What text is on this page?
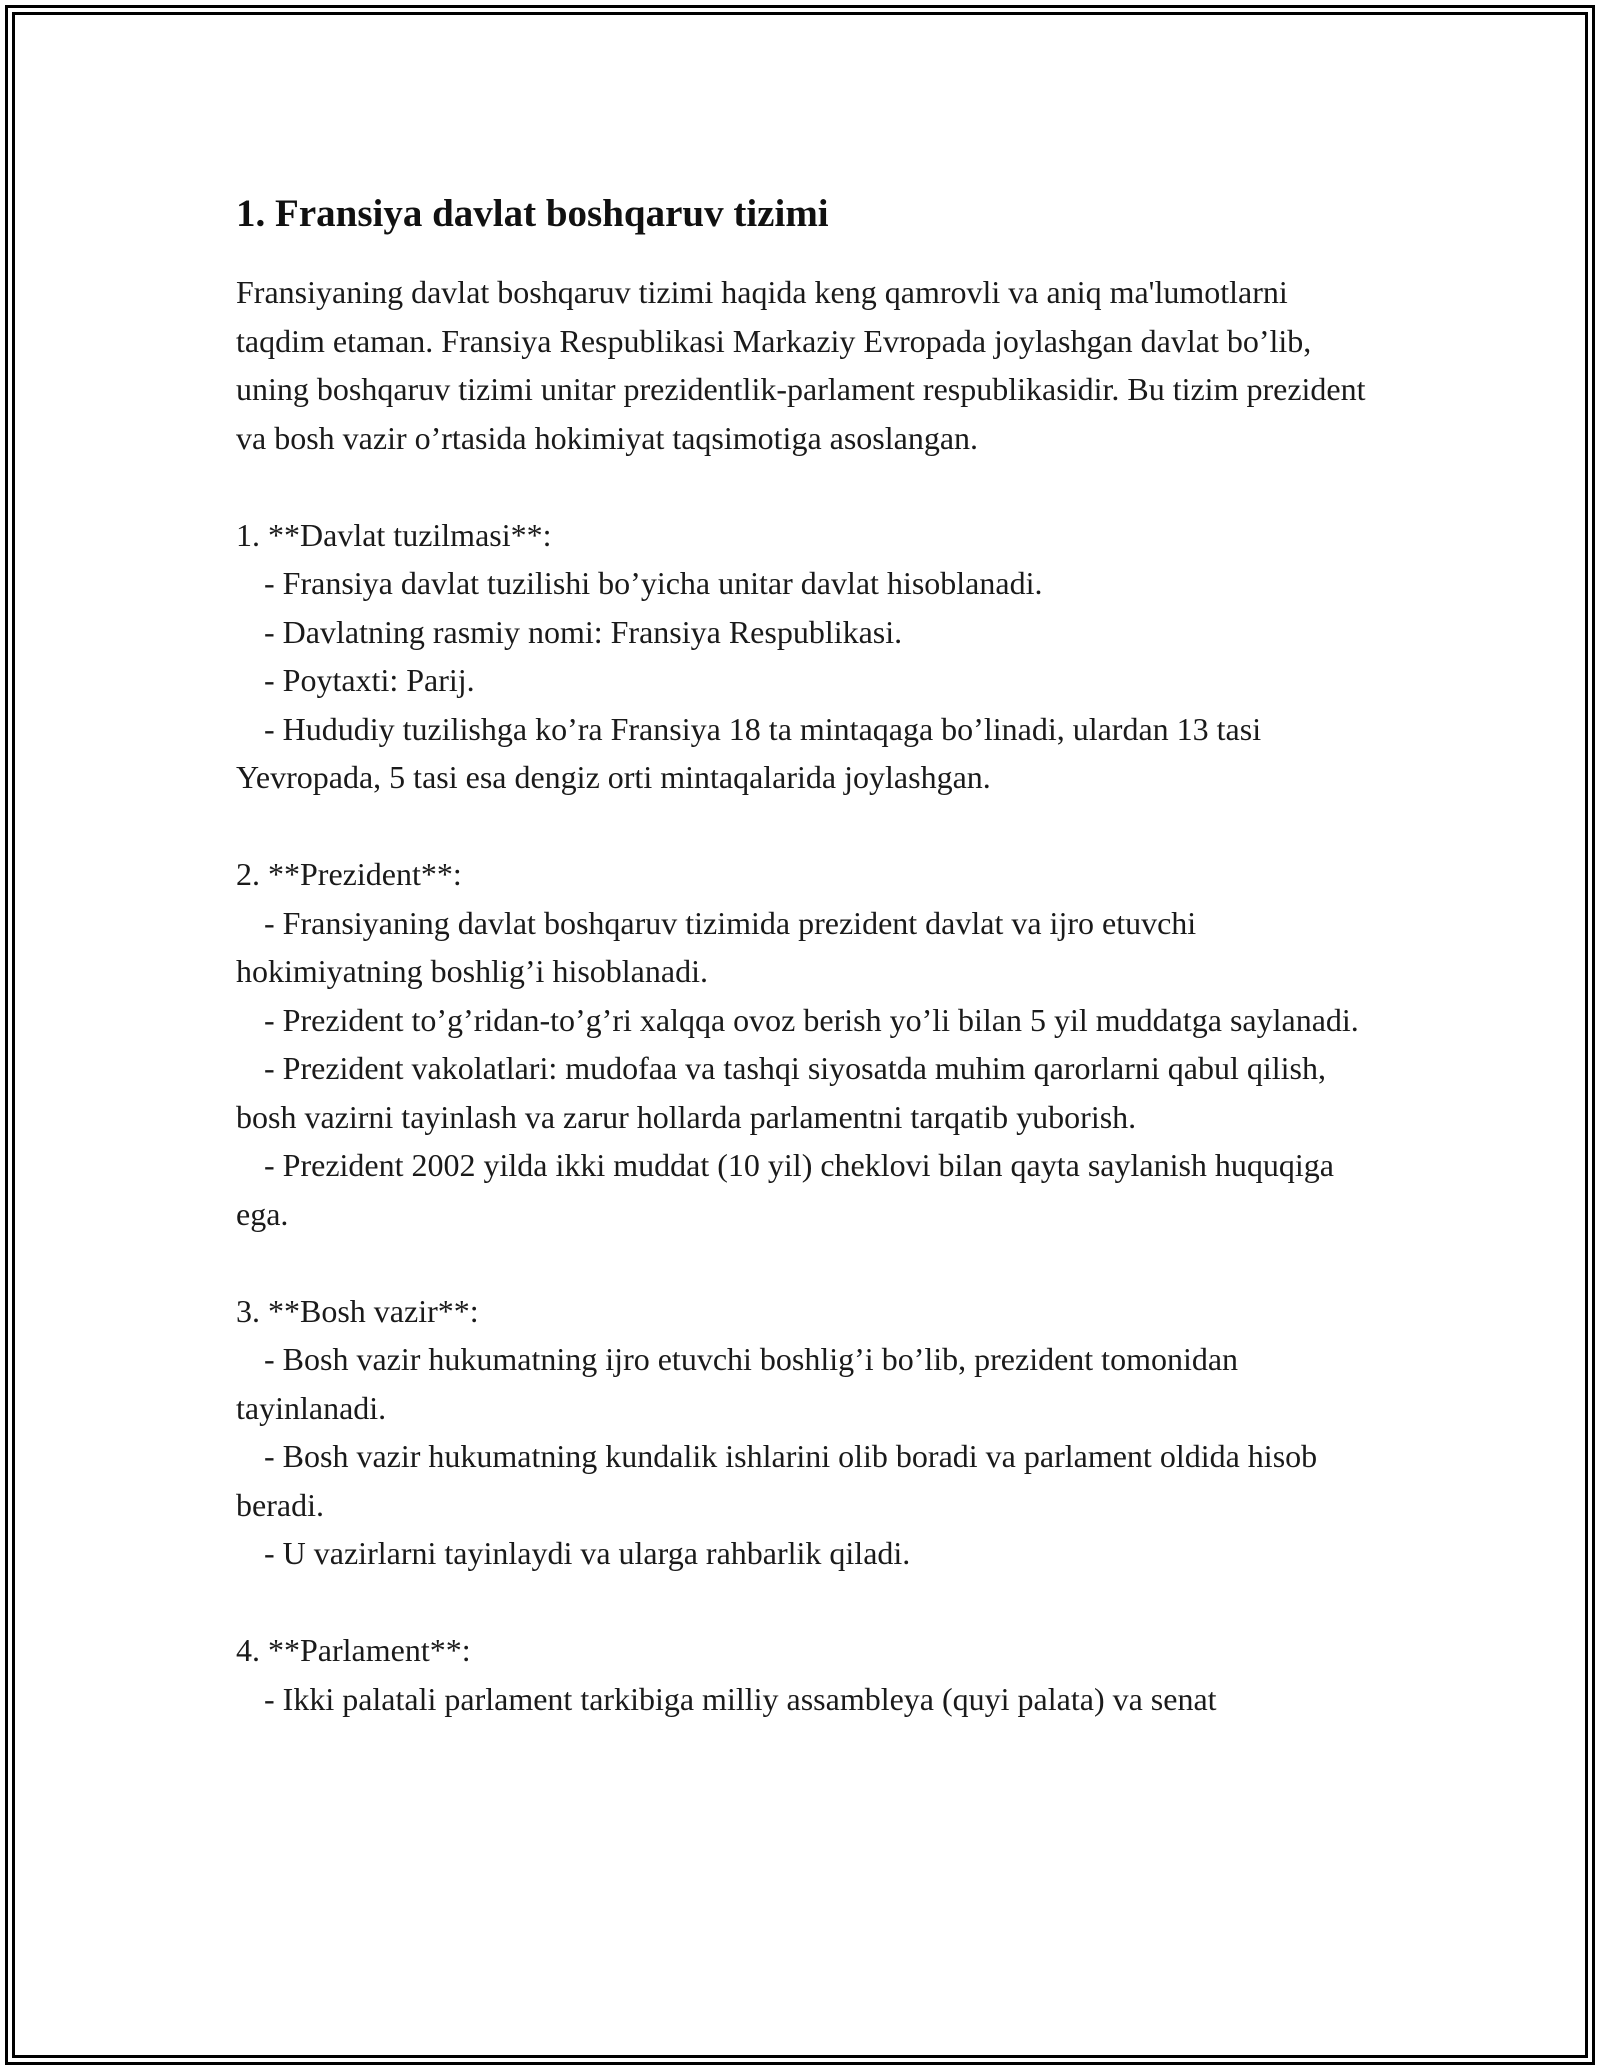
1. Fransiya davlat boshqaruv tizimi

Fransiyaning davlat boshqaruv tizimi haqida keng qamrovli va aniq ma'lumotlarni taqdim etaman. Fransiya Respublikasi Markaziy Evropada joylashgan davlat bo’lib, uning boshqaruv tizimi unitar prezidentlik-parlament respublikasidir. Bu tizim prezident va bosh vazir o’rtasida hokimiyat taqsimotiga asoslangan.

1. **Davlat tuzilmasi**:

- Fransiya davlat tuzilishi bo’yicha unitar davlat hisoblanadi.

- Davlatning rasmiy nomi: Fransiya Respublikasi.

- Poytaxti: Parij.

- Hududiy tuzilishga ko’ra Fransiya 18 ta mintaqaga bo’linadi, ulardan 13 tasi Yevropada, 5 tasi esa dengiz orti mintaqalarida joylashgan.

2. **Prezident**:

- Fransiyaning davlat boshqaruv tizimida prezident davlat va ijro etuvchi hokimiyatning boshlig’i hisoblanadi.

- Prezident to’g’ridan-to’g’ri xalqqa ovoz berish yo’li bilan 5 yil muddatga saylanadi.

- Prezident vakolatlari: mudofaa va tashqi siyosatda muhim qarorlarni qabul qilish, bosh vazirni tayinlash va zarur hollarda parlamentni tarqatib yuborish.

- Prezident 2002 yilda ikki muddat (10 yil) cheklovi bilan qayta saylanish huquqiga ega.

3. **Bosh vazir**:

- Bosh vazir hukumatning ijro etuvchi boshlig’i bo’lib, prezident tomonidan tayinlanadi.

- Bosh vazir hukumatning kundalik ishlarini olib boradi va parlament oldida hisob beradi.

- U vazirlarni tayinlaydi va ularga rahbarlik qiladi.

4. **Parlament**:

- Ikki palatali parlament tarkibiga milliy assambleya (quyi palata) va senat
